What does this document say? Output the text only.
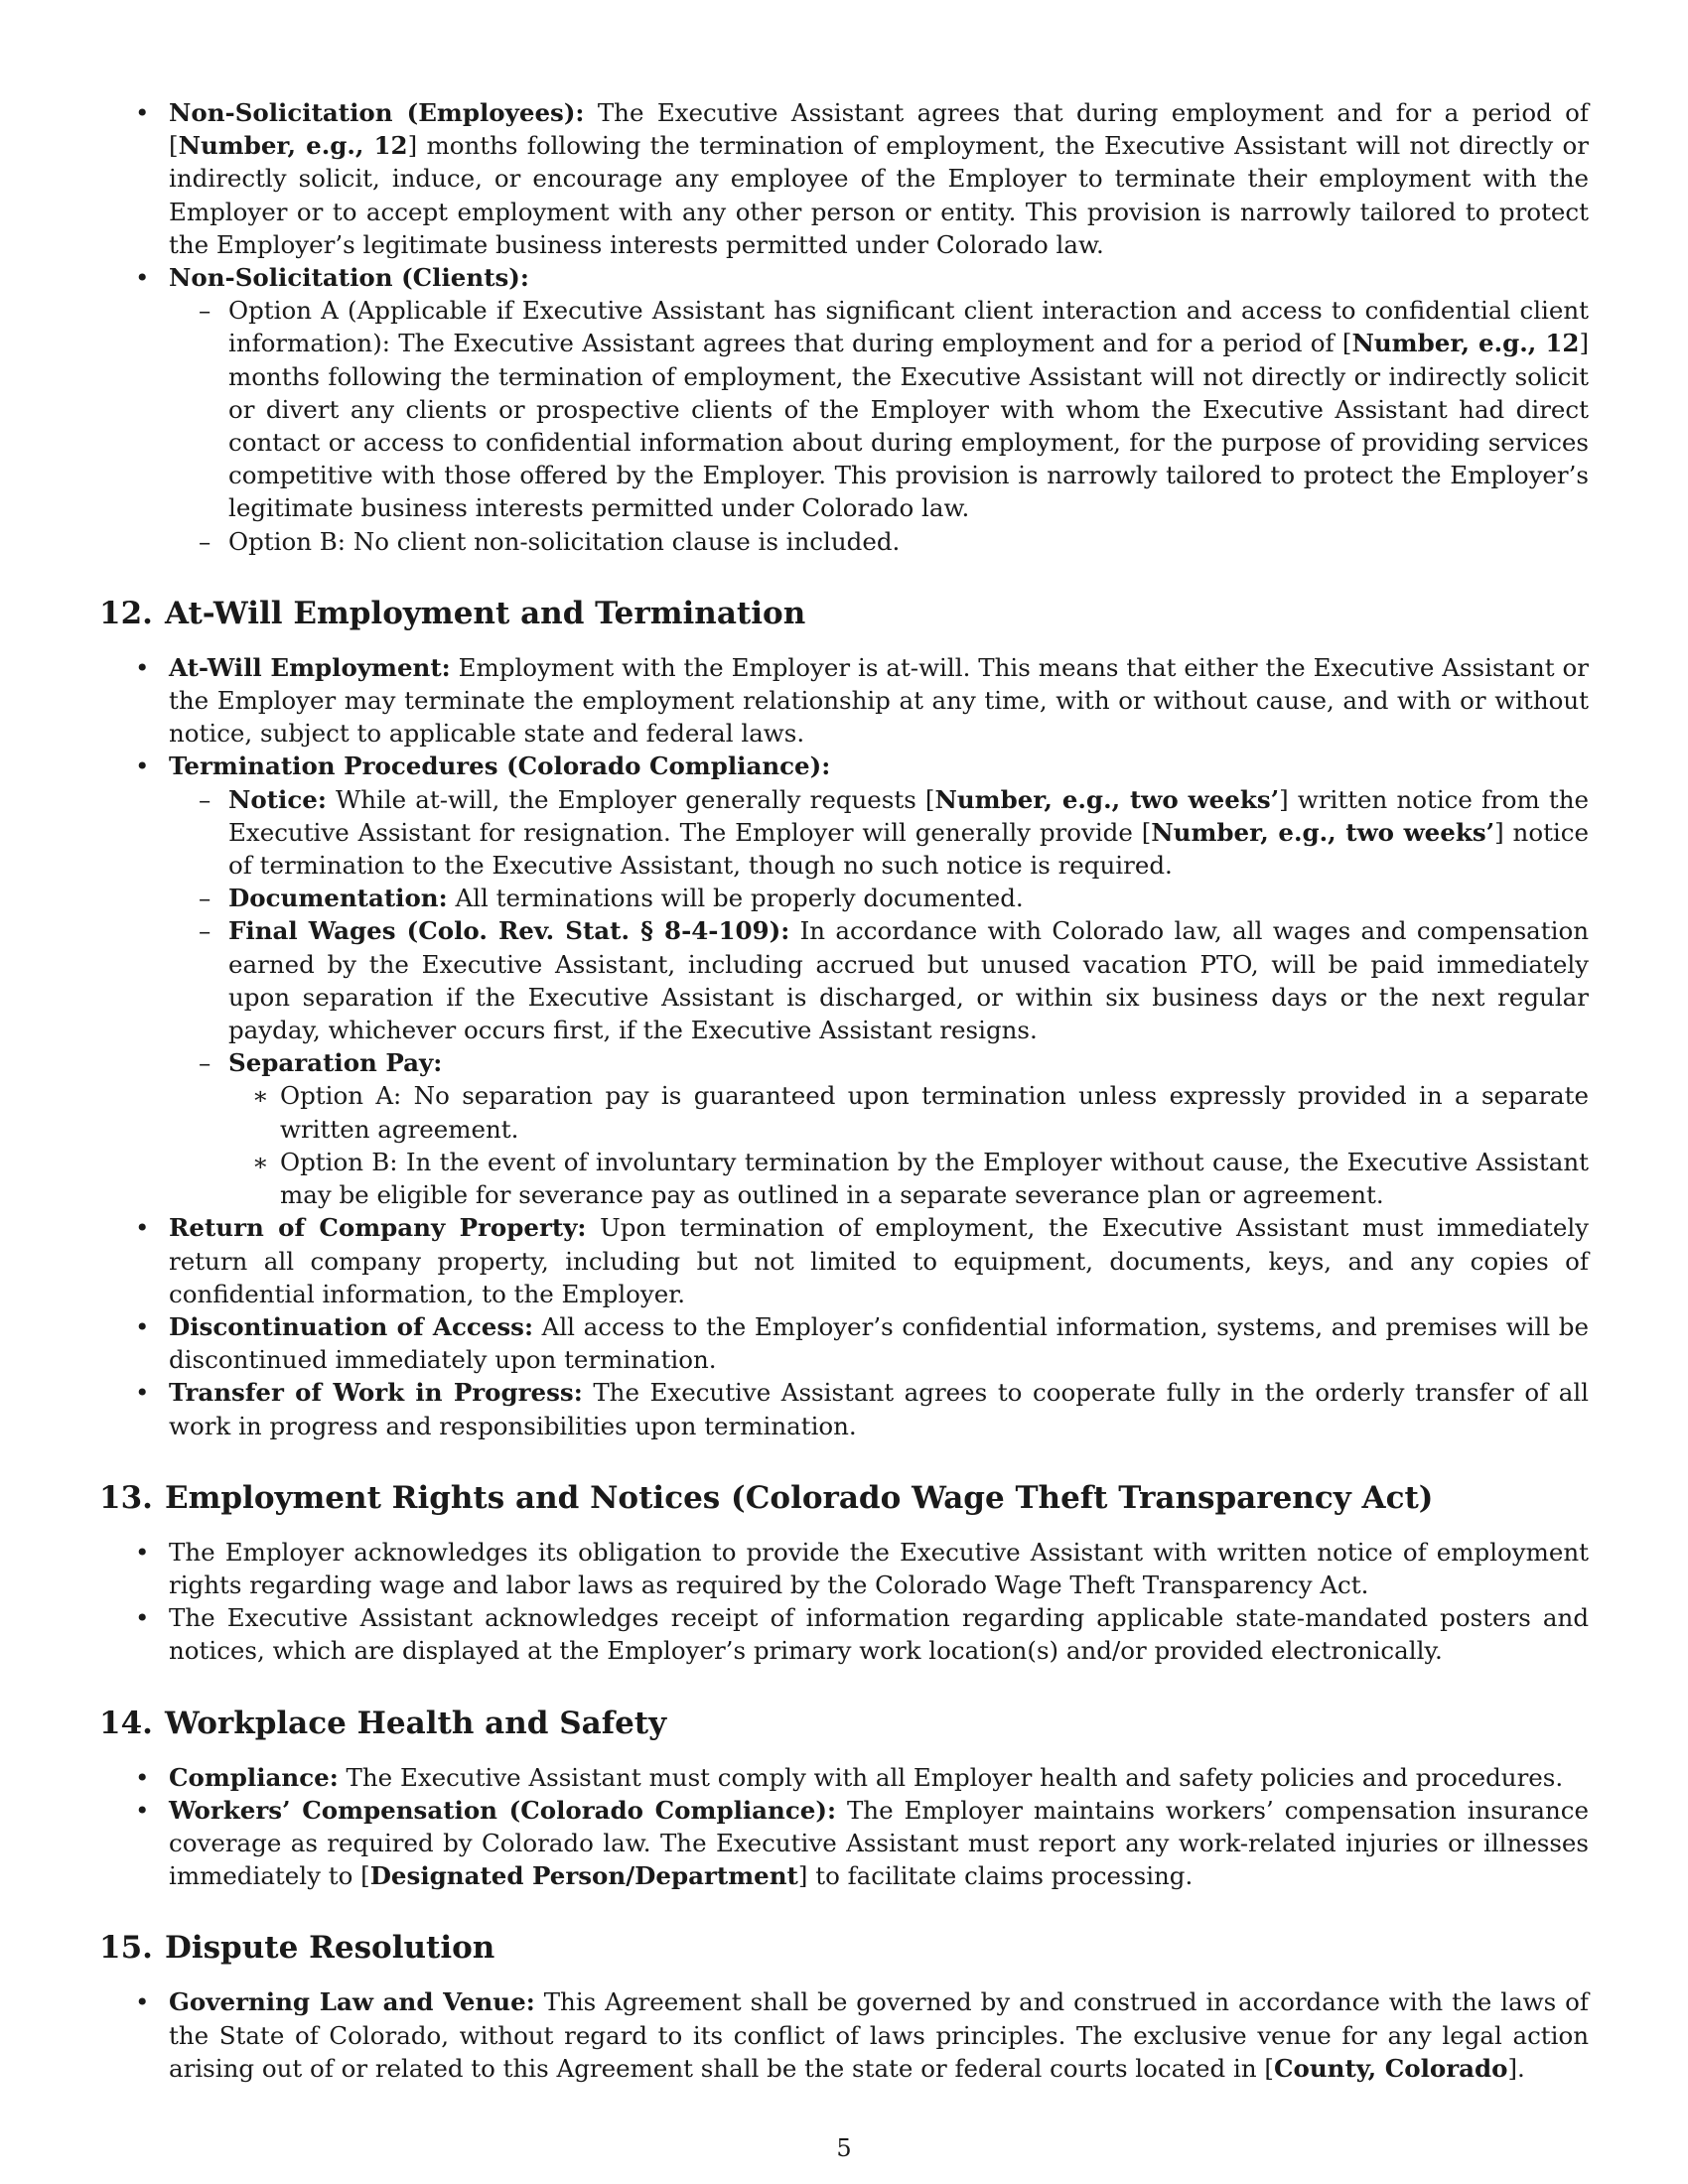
• Non-Solicitation (Employees): The Executive Assistant agrees that during employment and for a period of [Number, e.g., 12] months following the termination of employment, the Executive Assistant will not directly or indirectly solicit, induce, or encourage any employee of the Employer to terminate their employment with the Employer or to accept employment with any other person or entity. This provision is narrowly tailored to protect the Employer’s legitimate business interests permitted under Colorado law.
• Non-Solicitation (Clients):
– Option A (Applicable if Executive Assistant has significant client interaction and access to confidential client information): The Executive Assistant agrees that during employment and for a period of [Number, e.g., 12] months following the termination of employment, the Executive Assistant will not directly or indirectly solicit or divert any clients or prospective clients of the Employer with whom the Executive Assistant had direct contact or access to confidential information about during employment, for the purpose of providing services competitive with those offered by the Employer. This provision is narrowly tailored to protect the Employer’s legitimate business interests permitted under Colorado law.
– Option B: No client non-solicitation clause is included.
12. At-Will Employment and Termination
• At-Will Employment: Employment with the Employer is at-will. This means that either the Executive Assistant or the Employer may terminate the employment relationship at any time, with or without cause, and with or without notice, subject to applicable state and federal laws.
• Termination Procedures (Colorado Compliance):
– Notice: While at-will, the Employer generally requests [Number, e.g., two weeks’] written notice from the Executive Assistant for resignation. The Employer will generally provide [Number, e.g., two weeks’] notice of termination to the Executive Assistant, though no such notice is required.
– Documentation: All terminations will be properly documented.
– Final Wages (Colo. Rev. Stat. § 8-4-109): In accordance with Colorado law, all wages and compensation earned by the Executive Assistant, including accrued but unused vacation PTO, will be paid immediately upon separation if the Executive Assistant is discharged, or within six business days or the next regular payday, whichever occurs first, if the Executive Assistant resigns.
– Separation Pay:
∗ Option A: No separation pay is guaranteed upon termination unless expressly provided in a separate written agreement.
∗ Option B: In the event of involuntary termination by the Employer without cause, the Executive Assistant may be eligible for severance pay as outlined in a separate severance plan or agreement.
• Return of Company Property: Upon termination of employment, the Executive Assistant must immediately return all company property, including but not limited to equipment, documents, keys, and any copies of confidential information, to the Employer.
• Discontinuation of Access: All access to the Employer’s confidential information, systems, and premises will be discontinued immediately upon termination.
• Transfer of Work in Progress: The Executive Assistant agrees to cooperate fully in the orderly transfer of all work in progress and responsibilities upon termination.
13. Employment Rights and Notices (Colorado Wage Theft Transparency Act)
• The Employer acknowledges its obligation to provide the Executive Assistant with written notice of employment rights regarding wage and labor laws as required by the Colorado Wage Theft Transparency Act.
• The Executive Assistant acknowledges receipt of information regarding applicable state-mandated posters and notices, which are displayed at the Employer’s primary work location(s) and/or provided electronically.
14. Workplace Health and Safety
• Compliance: The Executive Assistant must comply with all Employer health and safety policies and procedures.
• Workers’ Compensation (Colorado Compliance): The Employer maintains workers’ compensation insurance coverage as required by Colorado law. The Executive Assistant must report any work-related injuries or illnesses immediately to [Designated Person/Department] to facilitate claims processing.
15. Dispute Resolution
• Governing Law and Venue: This Agreement shall be governed by and construed in accordance with the laws of the State of Colorado, without regard to its conflict of laws principles. The exclusive venue for any legal action arising out of or related to this Agreement shall be the state or federal courts located in [County, Colorado].
5
